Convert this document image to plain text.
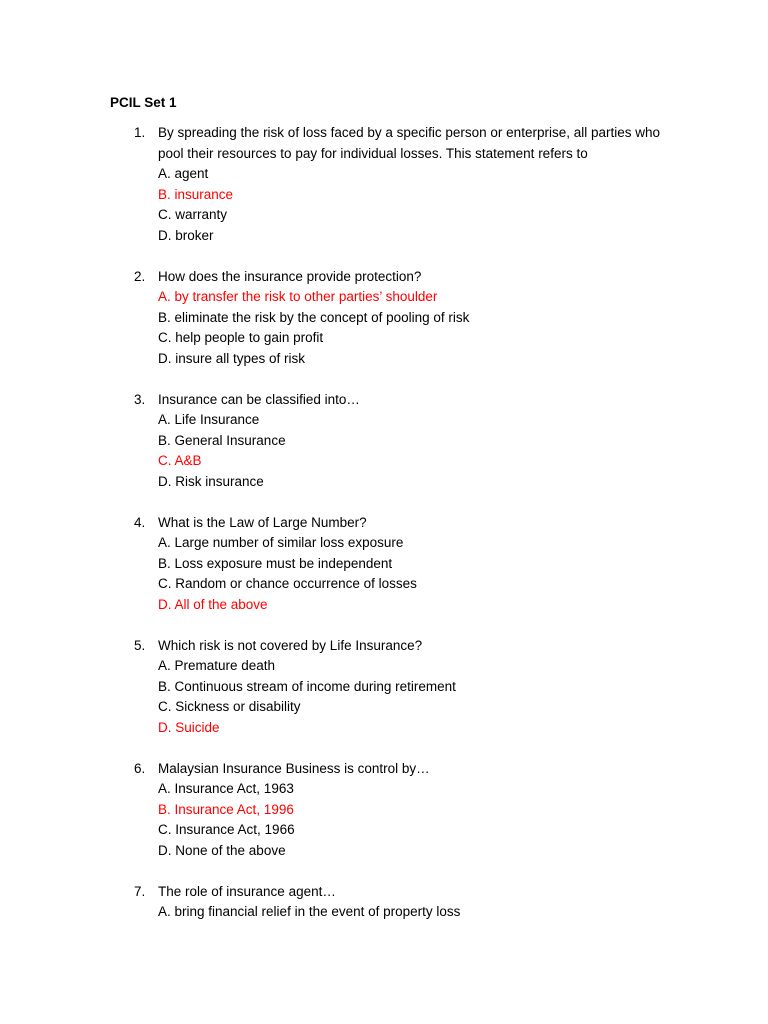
PCIL Set 1
1. By spreading the risk of loss faced by a specific person or enterprise, all parties who pool their resources to pay for individual losses. This statement refers to

A. agent
B. insurance
C. warranty
D. broker
2. How does the insurance provide protection?

A. by transfer the risk to other parties’ shoulder
B. eliminate the risk by the concept of pooling of risk
C. help people to gain profit
D. insure all types of risk
3. Insurance can be classified into…

A. Life Insurance
B. General Insurance
C. A&B
D. Risk insurance
4. What is the Law of Large Number?

A. Large number of similar loss exposure
B. Loss exposure must be independent
C. Random or chance occurrence of losses
D. All of the above
5. Which risk is not covered by Life Insurance?

A. Premature death
B. Continuous stream of income during retirement
C. Sickness or disability
D. Suicide
6. Malaysian Insurance Business is control by…

A. Insurance Act, 1963
B. Insurance Act, 1996
C. Insurance Act, 1966
D. None of the above
7. The role of insurance agent…

A. bring financial relief in the event of property loss
